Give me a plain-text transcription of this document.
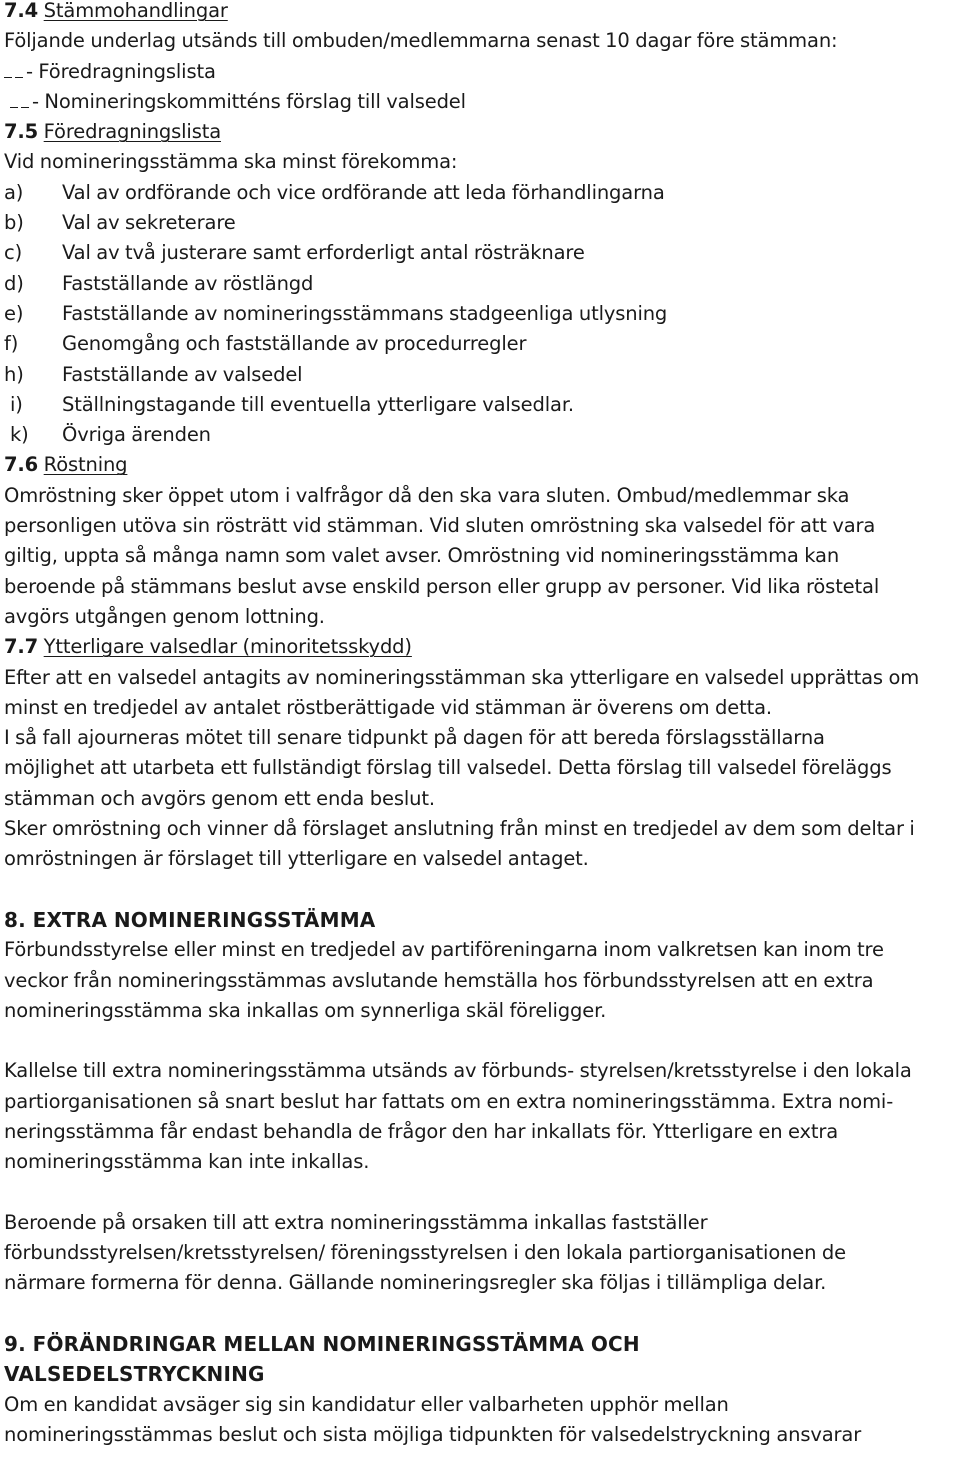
7.4 Stämmohandlingar
Följande underlag utsänds till ombuden/medlemmarna senast 10 dagar före stämman:
- Föredragningslista
- Nomineringskommitténs förslag till valsedel
7.5 Föredragningslista
Vid nomineringsstämma ska minst förekomma:
a)	Val av ordförande och vice ordförande att leda förhandlingarna
b)	Val av sekreterare
c)	Val av två justerare samt erforderligt antal rösträknare
d)	Fastställande av röstlängd
e)	Fastställande av nomineringsstämmans stadgeenliga utlysning
f)	Genomgång och fastställande av procedurregler
h)	Fastställande av valsedel
i)	Ställningstagande till eventuella ytterligare valsedlar.
k)	Övriga ärenden
7.6 Röstning
Omröstning sker öppet utom i valfrågor då den ska vara sluten. Ombud/medlemmar ska
personligen utöva sin rösträtt vid stämman. Vid sluten omröstning ska valsedel för att vara
giltig, uppta så många namn som valet avser. Omröstning vid nomineringsstämma kan
beroende på stämmans beslut avse enskild person eller grupp av personer. Vid lika röstetal
avgörs utgången genom lottning.
7.7 Ytterligare valsedlar (minoritetsskydd)
Efter att en valsedel antagits av nomineringsstämman ska ytterligare en valsedel upprättas om
minst en tredjedel av antalet röstberättigade vid stämman är överens om detta.
I så fall ajourneras mötet till senare tidpunkt på dagen för att bereda förslagsställarna
möjlighet att utarbeta ett fullständigt förslag till valsedel. Detta förslag till valsedel föreläggs
stämman och avgörs genom ett enda beslut.
Sker omröstning och vinner då förslaget anslutning från minst en tredjedel av dem som deltar i
omröstningen är förslaget till ytterligare en valsedel antaget.
8. EXTRA NOMINERINGSSTÄMMA
Förbundsstyrelse eller minst en tredjedel av partiföreningarna inom valkretsen kan inom tre
veckor från nomineringsstämmas avslutande hemställa hos förbundsstyrelsen att en extra
nomineringsstämma ska inkallas om synnerliga skäl föreligger.
Kallelse till extra nomineringsstämma utsänds av förbunds- styrelsen/kretsstyrelse i den lokala
partiorganisationen så snart beslut har fattats om en extra nomineringsstämma. Extra nomi-
neringsstämma får endast behandla de frågor den har inkallats för. Ytterligare en extra
nomineringsstämma kan inte inkallas.
Beroende på orsaken till att extra nomineringsstämma inkallas fastställer
förbundsstyrelsen/kretsstyrelsen/ föreningsstyrelsen i den lokala partiorganisationen de
närmare formerna för denna. Gällande nomineringsregler ska följas i tillämpliga delar.
9. FÖRÄNDRINGAR MELLAN NOMINERINGSSTÄMMA OCH
VALSEDELSTRYCKNING
Om en kandidat avsäger sig sin kandidatur eller valbarheten upphör mellan
nomineringsstämmas beslut och sista möjliga tidpunkten för valsedelstryckning ansvarar
